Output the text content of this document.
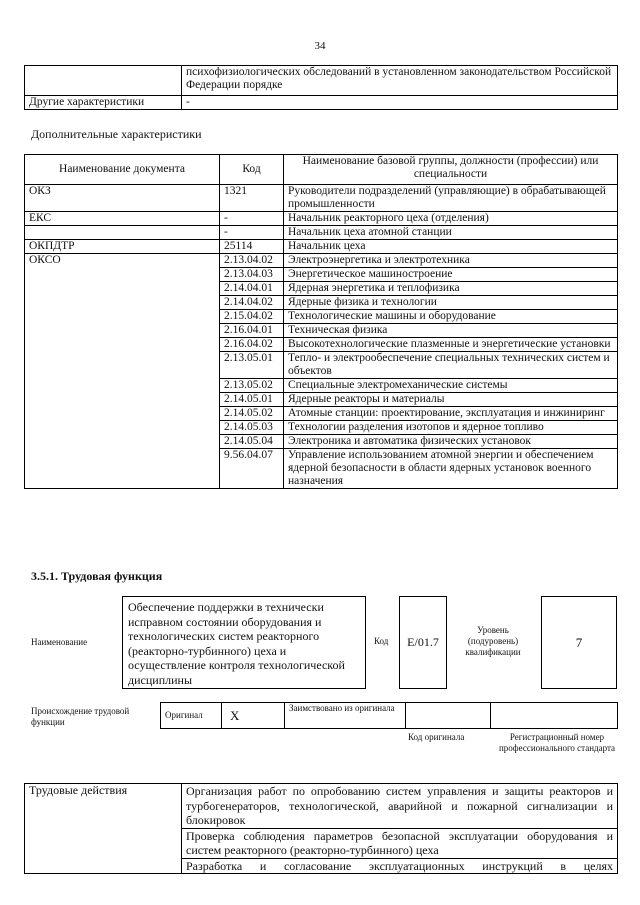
34
	психофизиологических обследований в установленном законодательством Российской Федерации порядке
Другие характеристики	-
Дополнительные характеристики
Наименование документа	Код	Наименование базовой группы, должности (профессии) или специальности
ОКЗ	1321	Руководители подразделений (управляющие) в обрабатывающей промышленности
ЕКС	-	Начальник реакторного цеха (отделения)
	-	Начальник цеха атомной станции
ОКПДТР	25114	Начальник цеха
ОКСО	2.13.04.02	Электроэнергетика и электротехника
	2.13.04.03	Энергетическое машиностроение
	2.14.04.01	Ядерная энергетика и теплофизика
	2.14.04.02	Ядерные физика и технологии
	2.15.04.02	Технологические машины и оборудование
	2.16.04.01	Техническая физика
	2.16.04.02	Высокотехнологические плазменные и энергетические установки
	2.13.05.01	Тепло- и электрообеспечение специальных технических систем и объектов
	2.13.05.02	Специальные электромеханические системы
	2.14.05.01	Ядерные реакторы и материалы
	2.14.05.02	Атомные станции: проектирование, эксплуатация и инжиниринг
	2.14.05.03	Технологии разделения изотопов и ядерное топливо
	2.14.05.04	Электроника и автоматика физических установок
	9.56.04.07	Управление использованием атомной энергии и обеспечением ядерной безопасности в области ядерных установок военного назначения
3.5.1. Трудовая функция
Наименование
Обеспечение поддержки в технически исправном состоянии оборудования и технологических систем реакторного (реакторно-турбинного) цеха и осуществление контроля технологической дисциплины
Код	E/01.7
Уровень (подуровень) квалификации
7
Происхождение трудовой функции
Оригинал	X	Заимствовано из оригинала		
Код оригинала	Регистрационный номер профессионального стандарта
Трудовые действия	Организация работ по опробованию систем управления и защиты реакторов и турбогенераторов, технологической, аварийной и пожарной сигнализации и блокировок
Проверка соблюдения параметров безопасной эксплуатации оборудования и систем реакторного (реакторно-турбинного) цеха
Разработка и согласование эксплуатационных инструкций в целях
